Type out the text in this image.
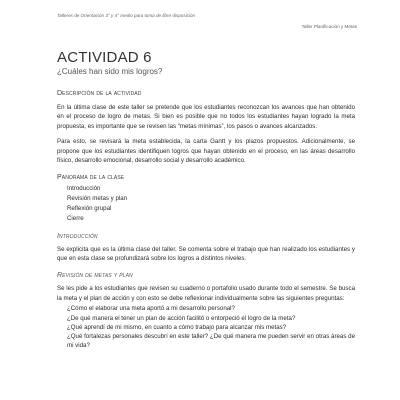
Talleres de Orientación 3° y 4° medio para toma de libre disposición
Taller Planificación y Metas
ACTIVIDAD 6
¿Cuáles han sido mis logros?
Descripción de la actividad

En la última clase de este taller se pretende que los estudiantes reconozcan los avances que han obtenido en el proceso de logro de metas. Si bien es posible que no todos los estudiantes hayan logrado la meta propuesta, es importante que se revisen las “metas mínimas”, los pasos o avances alcanzados.

Para esto, se revisará la meta establecida, la carta Gantt y los plazos propuestos. Adicionalmente, se propone que los estudiantes identifiquen logros que hayan obtenido en el proceso, en las áreas desarrollo físico, desarrollo emocional, desarrollo social y desarrollo académico.

Panorama de la clase
Introducción
Revisión metas y plan
Reflexión grupal
Cierre
Introducción

Se explicita que es la última clase del taller. Se comenta sobre el trabajo que han realizado los estudiantes y que en esta clase se profundizará sobre los logros a distintos niveles.

Revisión de metas y plan

Se les pide a los estudiantes que revisen su cuaderno o portafolio usado durante todo el semestre. Se busca la meta y el plan de acción y con esto se debe reflexionar individualmente sobre las siguientes preguntas:

¿Cómo el elaborar una meta aportó a mi desarrollo personal?
¿De qué manera el tener un plan de acción facilitó o entorpeció el logro de la meta?
¿Qué aprendí de mi mismo, en cuanto a cómo trabajo para alcanzar mis metas?
¿Qué fortalezas personales descubrí en este taller? ¿De qué manera me pueden servir en otras áreas de mi vida?
